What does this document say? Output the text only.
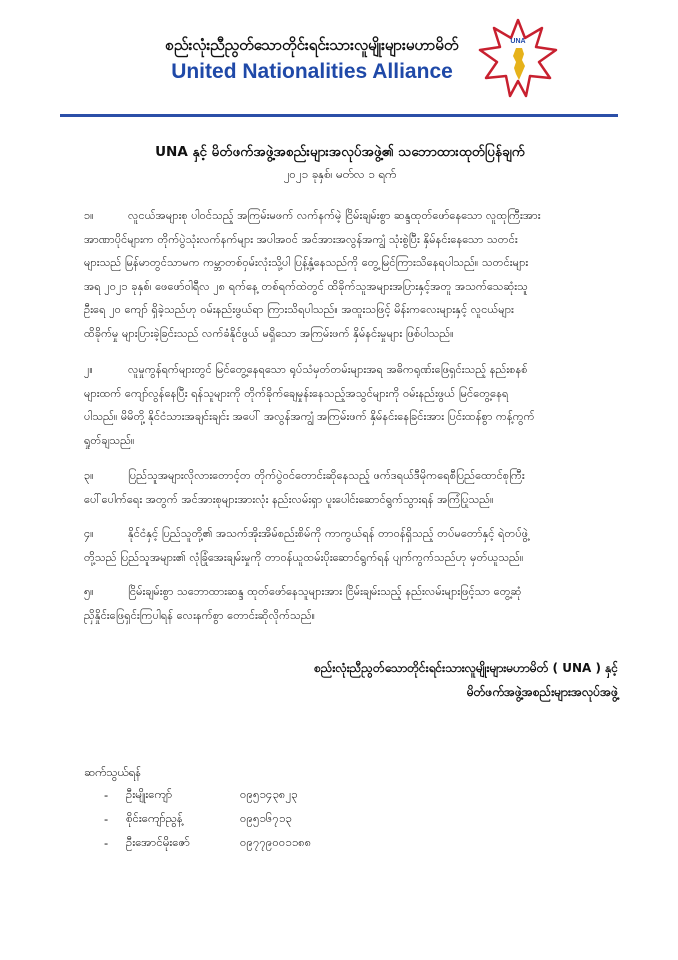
စည်းလုံးညီညွတ်သောတိုင်းရင်းသားလူမျိုးများမဟာမိတ်
United Nationalities Alliance
UNA
UNA နှင့် မိတ်ဖက်အဖွဲ့အစည်းများအလုပ်အဖွဲ့၏ သဘောထားထုတ်ပြန်ချက်
၂၀၂၁ ခုနှစ်၊ မတ်လ ၁ ရက်
၁။	လူငယ်အများစု ပါဝင်သည့် အကြမ်းမဖက် လက်နက်မဲ့ ငြိမ်းချမ်းစွာ ဆန္ဒထုတ်ဖော်နေသော လူထုကြီးအား
အာဏာပိုင်များက တိုက်ပွဲသုံးလက်နက်များ အပါအဝင် အင်အားအလွန်အကျွံ သုံးစွဲပြီး နှိမ်နင်းနေသော သတင်း
များသည် မြန်မာတွင်သာမက ကမ္ဘာတစ်ဝှမ်းလုံးသို့ပါ ပြန့်နှံ့နေသည်ကို တွေ့မြင်ကြားသိနေရပါသည်။ သတင်းများ
အရ ၂၀၂၁ ခုနှစ်၊ ဖေဖော်ဝါရီလ ၂၈ ရက်နေ့ တစ်ရက်ထဲတွင် ထိခိုက်သူအများအပြားနှင့်အတူ အသက်သေဆုံးသူ
ဦးရေ ၂၀ ကျော် ရှိခဲ့သည်ဟု ဝမ်းနည်းဖွယ်ရာ ကြားသိရပါသည်။ အထူးသဖြင့် မိန်းကလေးများနှင့် လူငယ်များ
ထိခိုက်မှု များပြားခဲ့ခြင်းသည် လက်ခံနိုင်ဖွယ် မရှိသော အကြမ်းဖက် နှိမ်နင်းမှုများ ဖြစ်ပါသည်။
၂။	လူမှုကွန်ရက်များတွင် မြင်တွေ့နေရသော ရုပ်သံမှတ်တမ်းများအရ အဓိကရုဏ်းဖြေရှင်းသည့် နည်းစနစ်
များထက် ကျော်လွန်နေပြီး ရန်သူများကို တိုက်ခိုက်ချေမှုန်းနေသည့်အသွင်များကို ဝမ်းနည်းဖွယ် မြင်တွေ့နေရ
ပါသည်။ မိမိတို့ နိုင်ငံသားအချင်းချင်း အပေါ် အလွန်အကျွံ အကြမ်းဖက် နှိမ်နင်းနေခြင်းအား ပြင်းထန်စွာ ကန့်ကွက်
ရှုတ်ချသည်။
၃။	ပြည်သူအများလိုလားတောင့်တ တိုက်ပွဲဝင်တောင်းဆိုနေသည့် ဖက်ဒရယ်ဒီမိုကရေစီပြည်ထောင်စုကြီး
ပေါ်ပေါက်ရေး အတွက် အင်အားစုများအားလုံး နည်းလမ်းရှာ ပူးပေါင်းဆောင်ရွက်သွားရန် အကြံပြုသည်။
၄။	နိုင်ငံနှင့် ပြည်သူတို့၏ အသက်အိုးအိမ်စည်းစိမ်ကို ကာကွယ်ရန် တာဝန်ရှိသည့် တပ်မတော်နှင့် ရဲတပ်ဖွဲ့
တို့သည် ပြည်သူအများ၏ လုံခြုံအေးချမ်းမှုကို တာဝန်ယူထမ်းပိုးဆောင်ရွက်ရန် ပျက်ကွက်သည်ဟု မှတ်ယူသည်။
၅။	ငြိမ်းချမ်းစွာ သဘောထားဆန္ဒ ထုတ်ဖော်နေသူများအား ငြိမ်းချမ်းသည့် နည်းလမ်းများဖြင့်သာ တွေ့ဆုံ
ညှိနှိုင်းဖြေရှင်းကြပါရန် လေးနက်စွာ တောင်းဆိုလိုက်သည်။
စည်းလုံးညီညွတ်သောတိုင်းရင်းသားလူမျိုးများမဟာမိတ် ( UNA ) နှင့်
မိတ်ဖက်အဖွဲ့အစည်းများအလုပ်အဖွဲ့
ဆက်သွယ်ရန်
-	ဦးမျိုးကျော်	၀၉၅၁၄၃၈၂၃
-	စိုင်းကျော်ညွန့်	၀၉၅၁၆၇၁၃
-	ဦးအောင်မိုးဇော်	၀၉၇၇၉၀၀၁၁၈၈
